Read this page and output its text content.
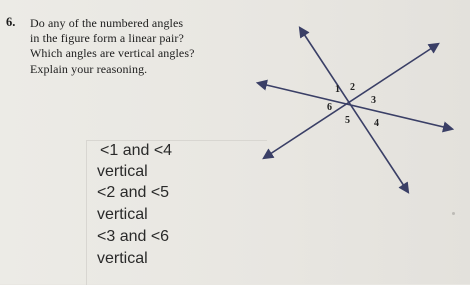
6. Do any of the numbered angles
in the figure form a linear pair?
Which angles are vertical angles?
Explain your reasoning.
<1 and <4
vertical
<2 and <5
vertical
<3 and <6
vertical
1 2
3
4
5
6
